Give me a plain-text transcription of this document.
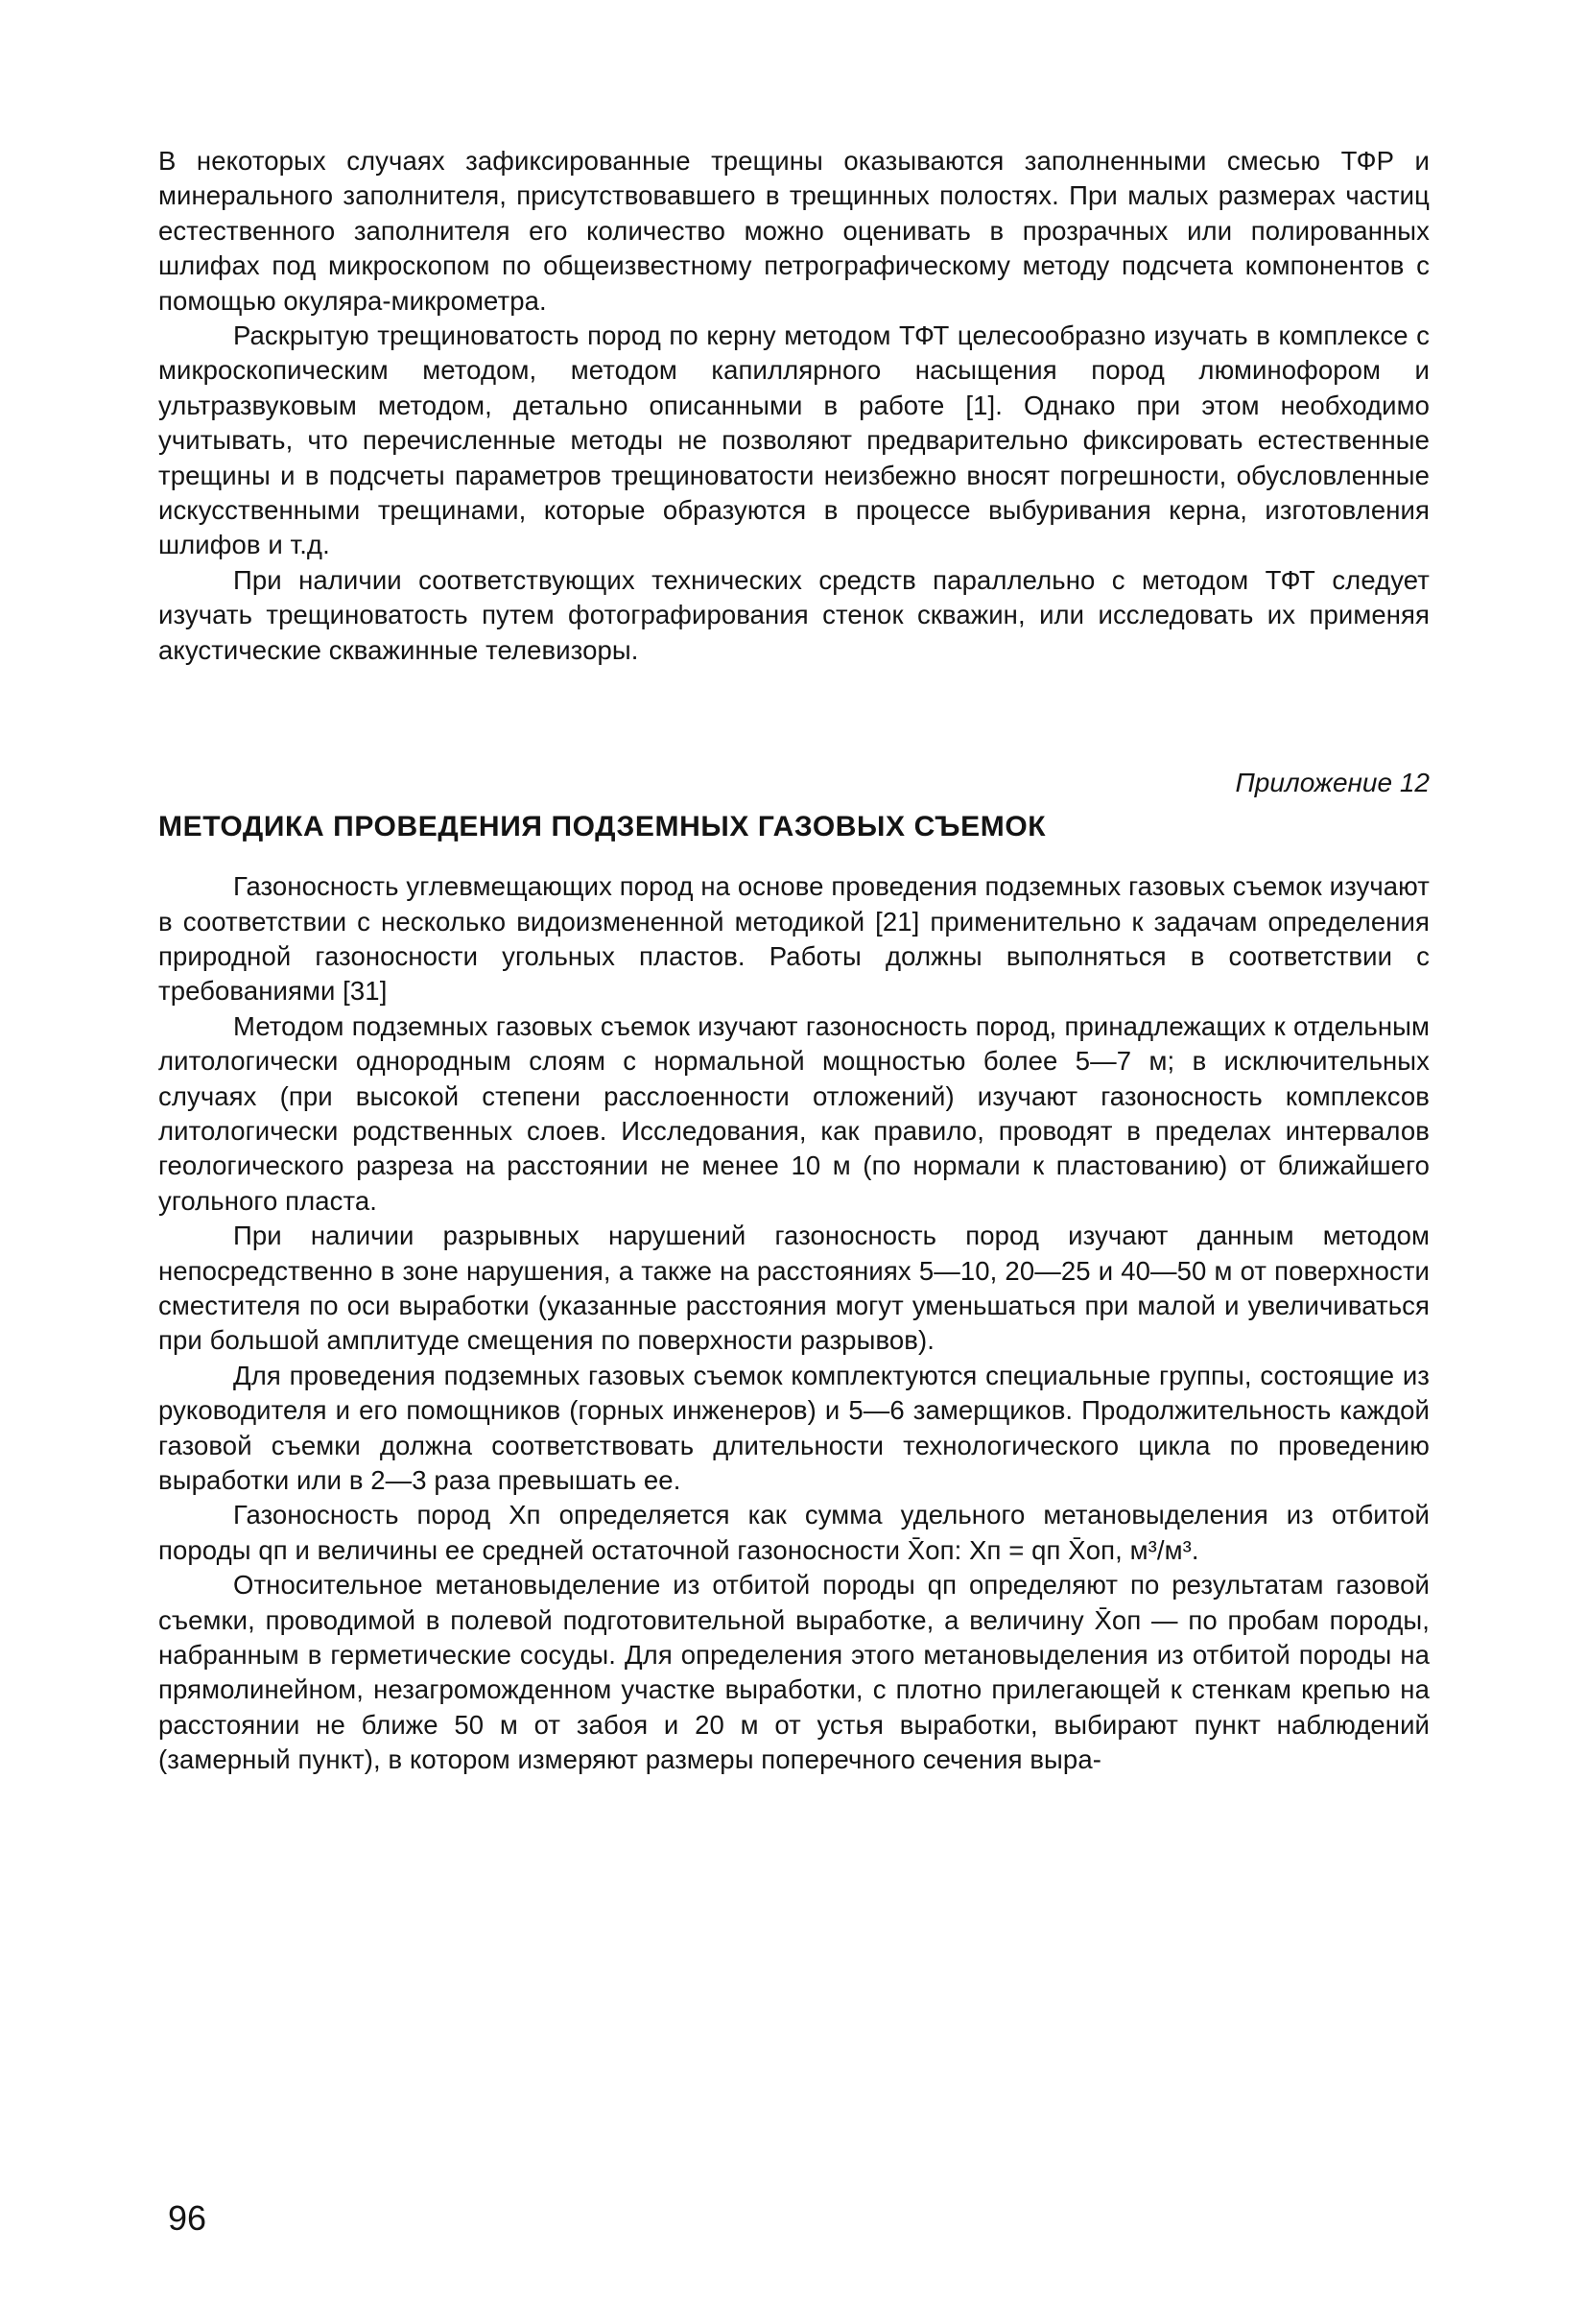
В некоторых случаях зафиксированные трещины оказываются заполненными смесью ТФР и минерального заполнителя, присутствовавшего в трещинных полостях. При малых размерах частиц естественного заполнителя его количество можно оценивать в прозрачных или полированных шлифах под микроскопом по общеизвестному петрографическому методу подсчета компонентов с помощью окуляра-микрометра.

Раскрытую трещиноватость пород по керну методом ТФТ целесообразно изучать в комплексе с микроскопическим методом, методом капиллярного насыщения пород люминофором и ультразвуковым методом, детально описанными в работе [1]. Однако при этом необходимо учитывать, что перечисленные методы не позволяют предварительно фиксировать естественные трещины и в подсчеты параметров трещиноватости неизбежно вносят погрешности, обусловленные искусственными трещинами, которые образуются в процессе выбуривания керна, изготовления шлифов и т.д.

При наличии соответствующих технических средств параллельно с методом ТФТ следует изучать трещиноватость путем фотографирования стенок скважин, или исследовать их применяя акустические скважинные телевизоры.

Приложение 12

МЕТОДИКА ПРОВЕДЕНИЯ ПОДЗЕМНЫХ ГАЗОВЫХ СЪЕМОК

Газоносность углевмещающих пород на основе проведения подземных газовых съемок изучают в соответствии с несколько видоизмененной методикой [21] применительно к задачам определения природной газоносности угольных пластов. Работы должны выполняться в соответствии с требованиями [31]

Методом подземных газовых съемок изучают газоносность пород, принадлежащих к отдельным литологически однородным слоям с нормальной мощностью более 5—7 м; в исключительных случаях (при высокой степени расслоенности отложений) изучают газоносность комплексов литологически родственных слоев. Исследования, как правило, проводят в пределах интервалов геологического разреза на расстоянии не менее 10 м (по нормали к пластованию) от ближайшего угольного пласта.

При наличии разрывных нарушений газоносность пород изучают данным методом непосредственно в зоне нарушения, а также на расстояниях 5—10, 20—25 и 40—50 м от поверхности сместителя по оси выработки (указанные расстояния могут уменьшаться при малой и увеличиваться при большой амплитуде смещения по поверхности разрывов).

Для проведения подземных газовых съемок комплектуются специальные группы, состоящие из руководителя и его помощников (горных инженеров) и 5—6 замерщиков. Продолжительность каждой газовой съемки должна соответствовать длительности технологического цикла по проведению выработки или в 2—3 раза превышать ее.

Газоносность пород Xп определяется как сумма удельного метановыделения из отбитой породы qп и величины ее средней остаточной газоносности X̄оп: Xп = qп X̄оп, м³/м³.

Относительное метановыделение из отбитой породы qп определяют по результатам газовой съемки, проводимой в полевой подготовительной выработке, а величину X̄оп — по пробам породы, набранным в герметические сосуды. Для определения этого метановыделения из отбитой породы на прямолинейном, незагроможденном участке выработки, с плотно прилегающей к стенкам крепью на расстоянии не ближе 50 м от забоя и 20 м от устья выработки, выбирают пункт наблюдений (замерный пункт), в котором измеряют размеры поперечного сечения выра-

96
